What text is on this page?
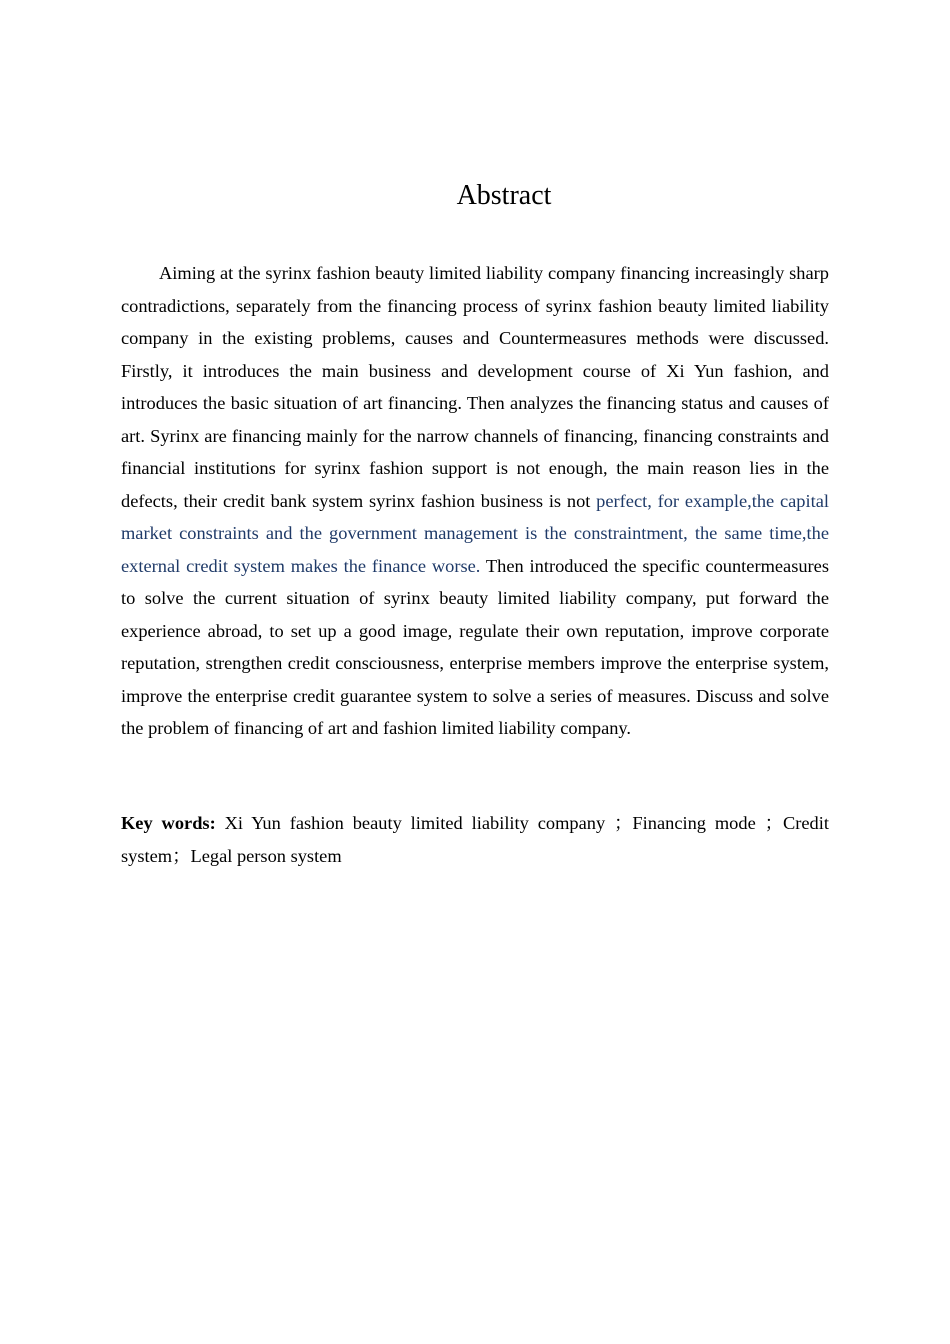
Abstract

Aiming at the syrinx fashion beauty limited liability company financing increasingly sharp contradictions, separately from the financing process of syrinx fashion beauty limited liability company in the existing problems, causes and Countermeasures methods were discussed. Firstly, it introduces the main business and development course of Xi Yun fashion, and introduces the basic situation of art financing. Then analyzes the financing status and causes of art. Syrinx are financing mainly for the narrow channels of financing, financing constraints and financial institutions for syrinx fashion support is not enough, the main reason lies in the defects, their credit bank system syrinx fashion business is not perfect, for example,the capital market constraints and the government management is the constraintment, the same time,the external credit system makes the finance worse. Then introduced the specific countermeasures to solve the current situation of syrinx beauty limited liability company, put forward the experience abroad, to set up a good image, regulate their own reputation, improve corporate reputation, strengthen credit consciousness, enterprise members improve the enterprise system, improve the enterprise credit guarantee system to solve a series of measures. Discuss and solve the problem of financing of art and fashion limited liability company.

Key words: Xi Yun fashion beauty limited liability company ；Financing mode ；Credit system；Legal person system
